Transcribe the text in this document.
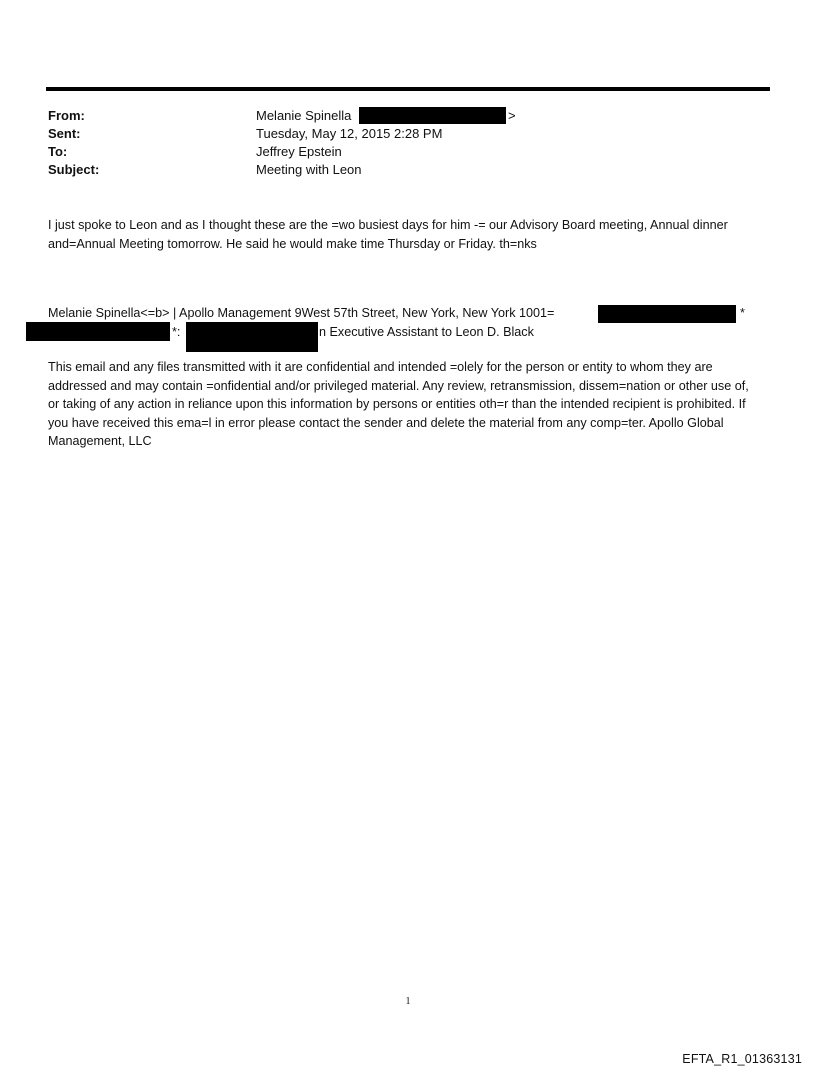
From:	Melanie Spinella	>
Sent:	Tuesday, May 12, 2015 2:28 PM
To:	Jeffrey Epstein
Subject:	Meeting with Leon
I just spoke to Leon and as I thought these are the =wo busiest days for him -= our Advisory Board meeting, Annual dinner and=Annual Meeting tomorrow. He said he would make time Thursday or Friday. th=nks
Melanie Spinella<=b> | Apollo Management 9West 57th Street, New York, New York 1001=	*
*:	n Executive Assistant to Leon D. Black
This email and any files transmitted with it are confidential and intended =olely for the person or entity to whom they are addressed and may contain =onfidential and/or privileged material. Any review, retransmission, dissem=nation or other use of, or taking of any action in reliance upon this information by persons or entities oth=r than the intended recipient is prohibited. If you have received this ema=l in error please contact the sender and delete the material from any comp=ter. Apollo Global Management, LLC
1
EFTA_R1_01363131
